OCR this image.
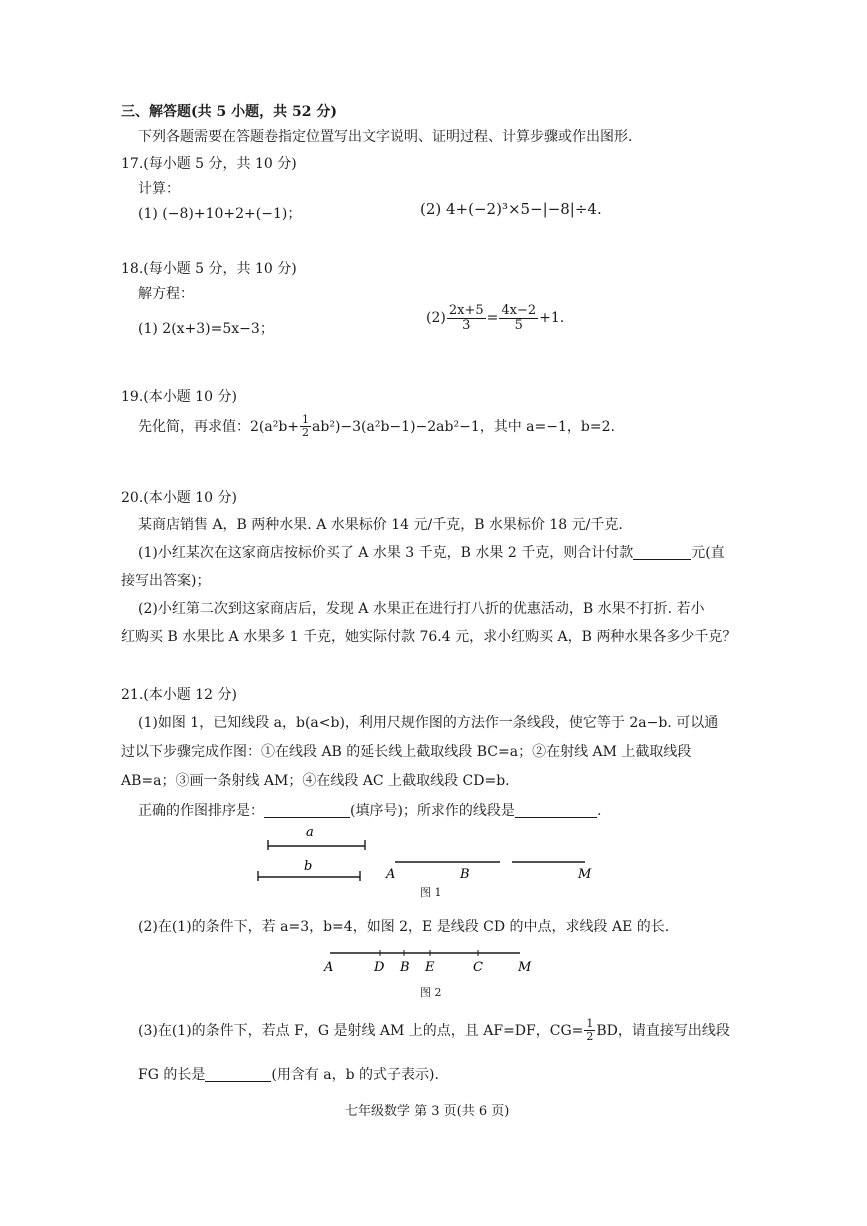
三、解答题(共 5 小题，共 52 分)
下列各题需要在答题卷指定位置写出文字说明、证明过程、计算步骤或作出图形.
17.(每小题 5 分，共 10 分)
计算：
(1) (−8)+10+2+(−1)；	(2) 4+(−2)³×5−|−8|÷4.
18.(每小题 5 分，共 10 分)
解方程：
(1) 2(x+3)=5x−3；
$(2) \frac{2x+5}{3} = \frac{4x-2}{5} +1$.
19.(本小题 10 分)
先化简，再求值：$2(a^2b+ \frac{1}{2} ab^2)-3(a^2b-1)-2ab^2-1$，其中 a=−1，b=2.
20.(本小题 10 分)
某商店销售 A，B 两种水果. A 水果标价 14 元/千克，B 水果标价 18 元/千克.
(1)小红某次在这家商店按标价买了 A 水果 3 千克，B 水果 2 千克，则合计付款	元(直
接写出答案)；
(2)小红第二次到这家商店后，发现 A 水果正在进行打八折的优惠活动，B 水果不打折. 若小
红购买 B 水果比 A 水果多 1 千克，她实际付款 76.4 元，求小红购买 A，B 两种水果各多少千克？
21.(本小题 12 分)
(1)如图 1，已知线段 a，b(a<b)，利用尺规作图的方法作一条线段，使它等于 2a−b. 可以通
过以下步骤完成作图：①在线段 AB 的延长线上截取线段 BC=a；②在射线 AM 上截取线段
AB=a；③画一条射线 AM；④在线段 AC 上截取线段 CD=b.
正确的作图排序是：	(填序号)；所求作的线段是	.
a
b
A	B	M
图 1
(2)在(1)的条件下，若 a=3，b=4，如图 2，E 是线段 CD 的中点，求线段 AE 的长.
A	D B E	C	M
图 2
(3)在(1)的条件下，若点 F，G 是射线 AM 上的点，且 AF=DF，$CG= \frac{1}{2}$ BD，请直接写出线段
FG 的长是	(用含有 a，b 的式子表示).
七年级数学 第 3 页(共 6 页)
